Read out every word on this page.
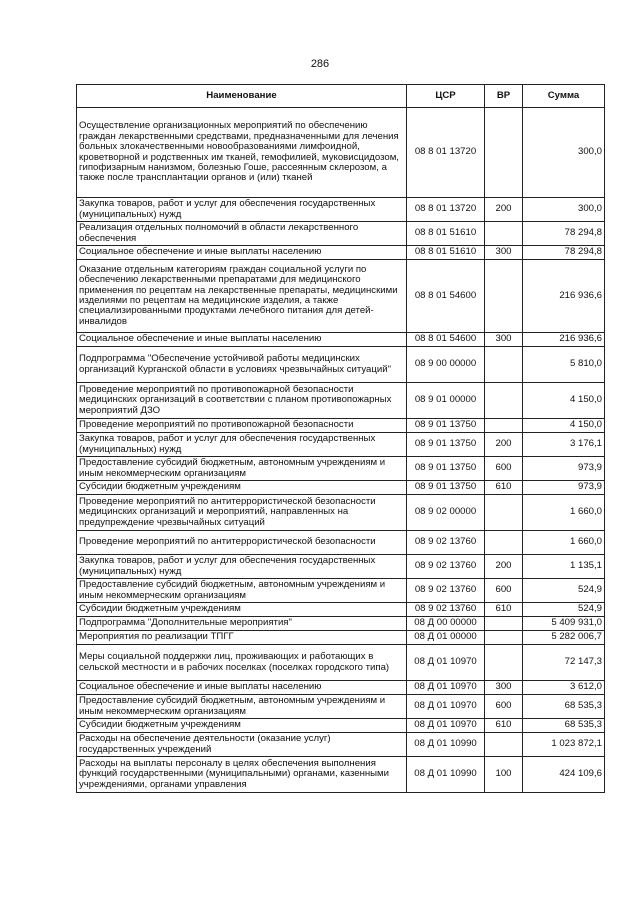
286
Наименование	ЦСР	ВР	Сумма
Осуществление организационных мероприятий по обеспечению граждан лекарственными средствами, предназначенными для лечения больных злокачественными новообразованиями лимфоидной, кроветворной и родственных им тканей, гемофилией, муковисцидозом, гипофизарным нанизмом, болезнью Гоше, рассеянным склерозом, а также после трансплантации органов и (или) тканей	08 8 01 13720		300,0
Закупка товаров, работ и услуг для обеспечения государственных (муниципальных) нужд	08 8 01 13720	200	300,0
Реализация отдельных полномочий в области лекарственного обеспечения	08 8 01 51610		78 294,8
Социальное обеспечение и иные выплаты населению	08 8 01 51610	300	78 294,8
Оказание отдельным категориям граждан социальной услуги по обеспечению лекарственными препаратами для медицинского применения по рецептам на лекарственные препараты, медицинскими изделиями по рецептам на медицинские изделия, а также специализированными продуктами лечебного питания для детей-инвалидов	08 8 01 54600		216 936,6
Социальное обеспечение и иные выплаты населению	08 8 01 54600	300	216 936,6
Подпрограмма "Обеспечение устойчивой работы медицинских организаций Курганской области в условиях чрезвычайных ситуаций"	08 9 00 00000		5 810,0
Проведение мероприятий по противопожарной безопасности медицинских организаций в соответствии с планом противопожарных мероприятий ДЗО	08 9 01 00000		4 150,0
Проведение мероприятий по противопожарной безопасности	08 9 01 13750		4 150,0
Закупка товаров, работ и услуг для обеспечения государственных (муниципальных) нужд	08 9 01 13750	200	3 176,1
Предоставление субсидий бюджетным, автономным учреждениям и иным некоммерческим организациям	08 9 01 13750	600	973,9
Субсидии бюджетным учреждениям	08 9 01 13750	610	973,9
Проведение мероприятий по антитеррористической безопасности медицинских организаций и мероприятий, направленных на предупреждение чрезвычайных ситуаций	08 9 02 00000		1 660,0
Проведение мероприятий по антитеррористической безопасности	08 9 02 13760		1 660,0
Закупка товаров, работ и услуг для обеспечения государственных (муниципальных) нужд	08 9 02 13760	200	1 135,1
Предоставление субсидий бюджетным, автономным учреждениям и иным некоммерческим организациям	08 9 02 13760	600	524,9
Субсидии бюджетным учреждениям	08 9 02 13760	610	524,9
Подпрограмма "Дополнительные мероприятия"	08 Д 00 00000		5 409 931,0
Мероприятия по реализации ТПГГ	08 Д 01 00000		5 282 006,7
Меры социальной поддержки лиц, проживающих и работающих в сельской местности и в рабочих поселках (поселках городского типа)	08 Д 01 10970		72 147,3
Социальное обеспечение и иные выплаты населению	08 Д 01 10970	300	3 612,0
Предоставление субсидий бюджетным, автономным учреждениям и иным некоммерческим организациям	08 Д 01 10970	600	68 535,3
Субсидии бюджетным учреждениям	08 Д 01 10970	610	68 535,3
Расходы на обеспечение деятельности (оказание услуг) государственных учреждений	08 Д 01 10990		1 023 872,1
Расходы на выплаты персоналу в целях обеспечения выполнения функций государственными (муниципальными) органами, казенными учреждениями, органами управления	08 Д 01 10990	100	424 109,6
